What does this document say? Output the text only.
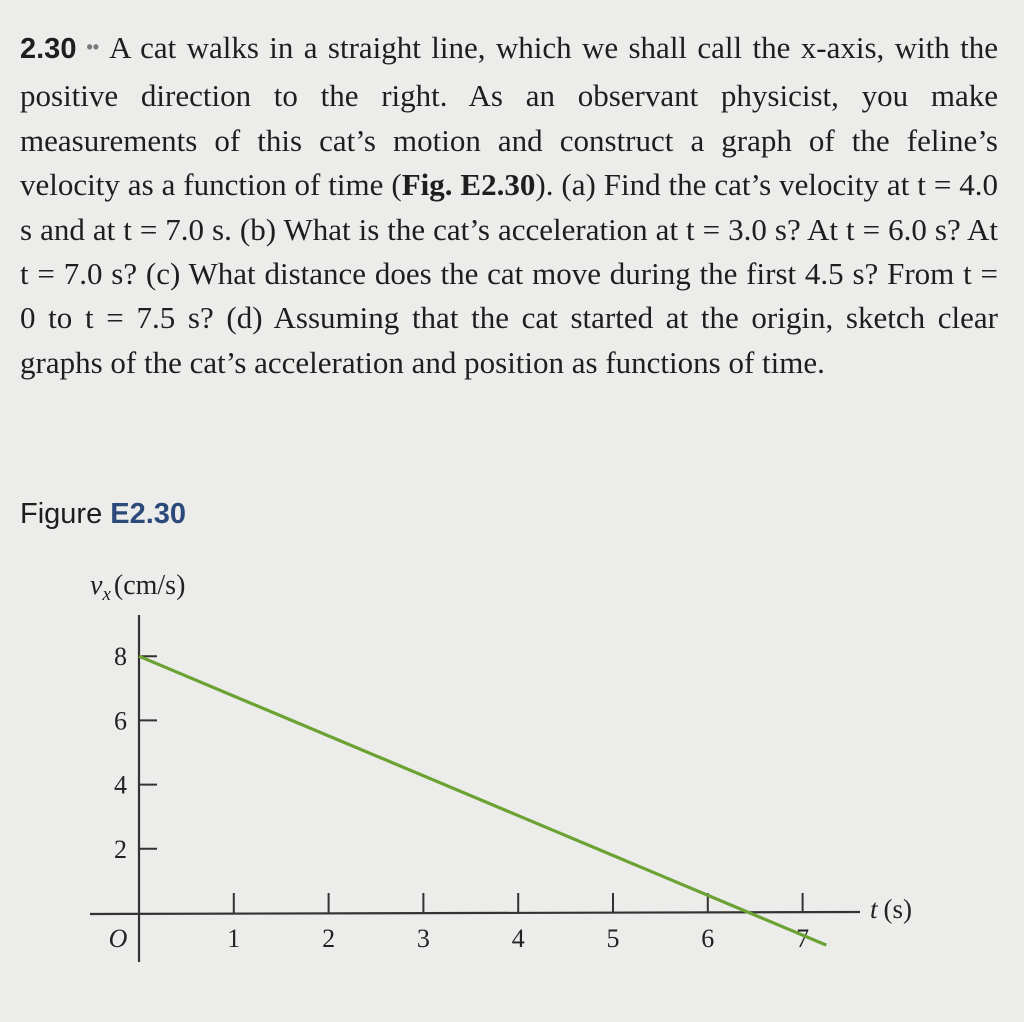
2.30 •• A cat walks in a straight line, which we shall call the x-axis, with the positive direction to the right. As an observant physicist, you make measurements of this cat’s motion and construct a graph of the feline’s velocity as a function of time (Fig. E2.30). (a) Find the cat’s velocity at t = 4.0 s and at t = 7.0 s. (b) What is the cat’s acceleration at t = 3.0 s? At t = 6.0 s? At t = 7.0 s? (c) What distance does the cat move during the first 4.5 s? From t = 0 to t = 7.5 s? (d) Assuming that the cat started at the origin, sketch clear graphs of the cat’s acceleration and position as functions of time.
Figure E2.30
$v_x$ (cm/s)
t (s)
O	1	2	3	4	5	6	7
2
4
6
8
